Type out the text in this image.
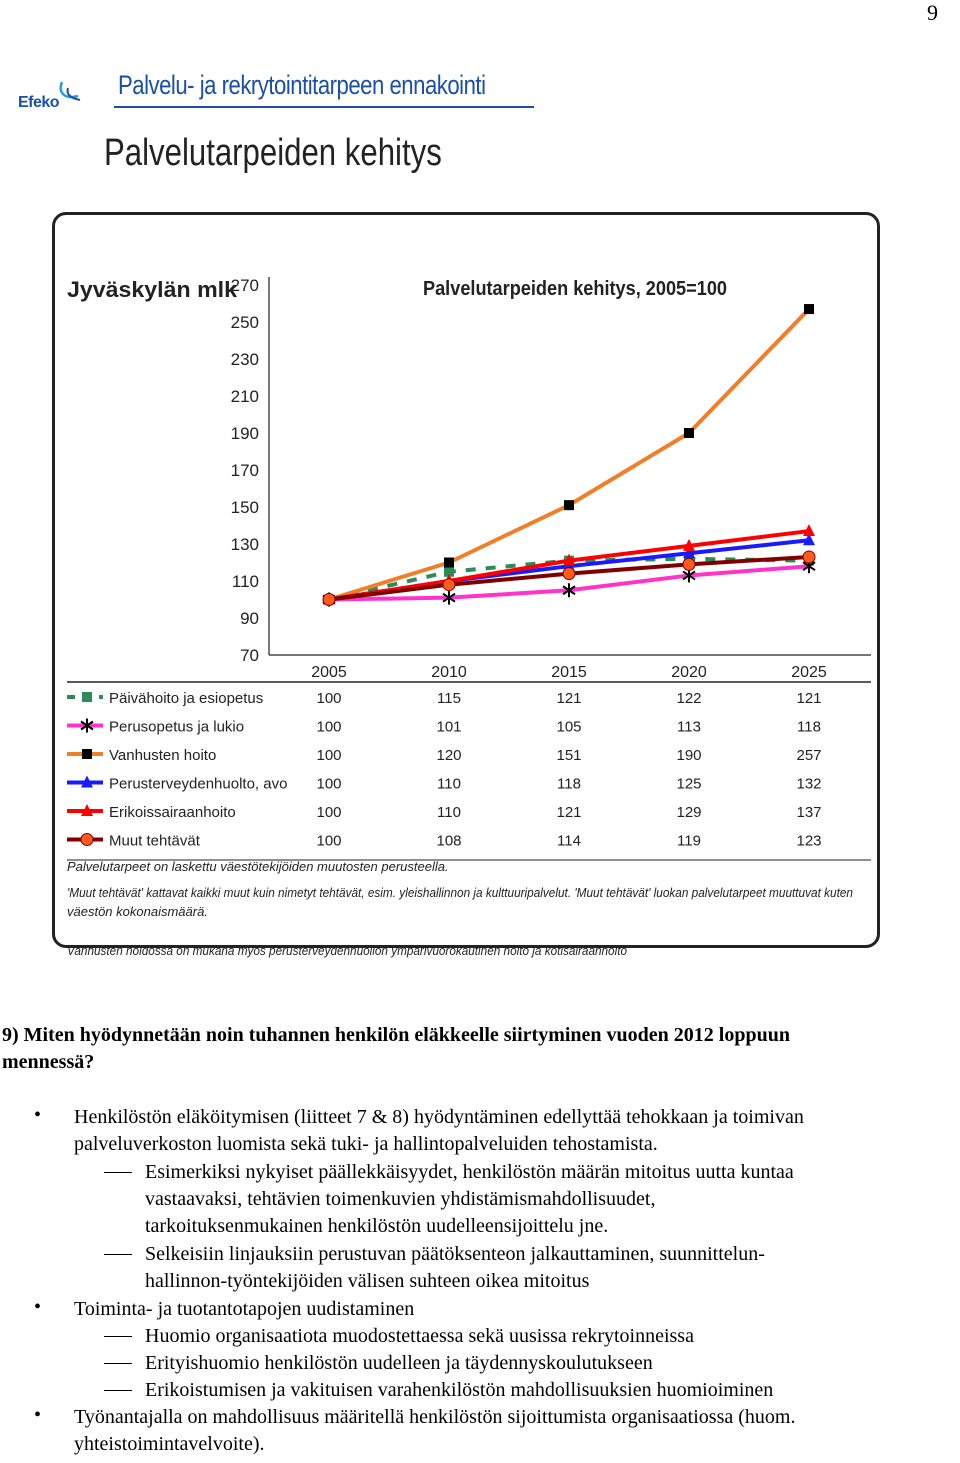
9
Efeko
Palvelu- ja rekrytointitarpeen ennakointi
Palvelutarpeiden kehitys
Jyväskylän mlk	Palvelutarpeiden kehitys, 2005=100
270
250
230
210
190
170
150
130
110
90
70
2005	2010	2015	2020	2025
Päivähoito ja esiopetus	100	115	121	122	121
Perusopetus ja lukio	100	101	105	113	118
Vanhusten hoito	100	120	151	190	257
Perusterveydenhuolto, avo 100	110	118	125	132
Erikoissairaanhoito	100	110	121	129	137
Muut tehtävät	100	108	114	119	123
Palvelutarpeet on laskettu väestötekijöiden muutosten perusteella.
'Muut tehtävät' kattavat kaikki muut kuin nimetyt tehtävät, esim. yleishallinnon ja kulttuuripalvelut. 'Muut tehtävät' luokan palvelutarpeet muuttuvat kuten
väestön kokonaismäärä.
Vanhusten hoidossa on mukana myös perusterveydenhuollon ympärivuorokautinen hoito ja kotisairaanhoito
9) Miten hyödynnetään noin tuhannen henkilön eläkkeelle siirtyminen vuoden 2012 loppuun
mennessä?
• Henkilöstön eläköitymisen (liitteet 7 & 8) hyödyntäminen edellyttää tehokkaan ja toimivan
palveluverkoston luomista sekä tuki- ja hallintopalveluiden tehostamista.
Esimerkiksi nykyiset päällekkäisyydet, henkilöstön määrän mitoitus uutta kuntaa
vastaavaksi, tehtävien toimenkuvien yhdistämismahdollisuudet,
tarkoituksenmukainen henkilöstön uudelleensijoittelu jne.
Selkeisiin linjauksiin perustuvan päätöksenteon jalkauttaminen, suunnittelun-
hallinnon-työntekijöiden välisen suhteen oikea mitoitus
• Toiminta- ja tuotantotapojen uudistaminen
Huomio organisaatiota muodostettaessa sekä uusissa rekrytoinneissa
Erityishuomio henkilöstön uudelleen ja täydennyskoulutukseen
Erikoistumisen ja vakituisen varahenkilöstön mahdollisuuksien huomioiminen
• Työnantajalla on mahdollisuus määritellä henkilöstön sijoittumista organisaatiossa (huom.
yhteistoimintavelvoite).
